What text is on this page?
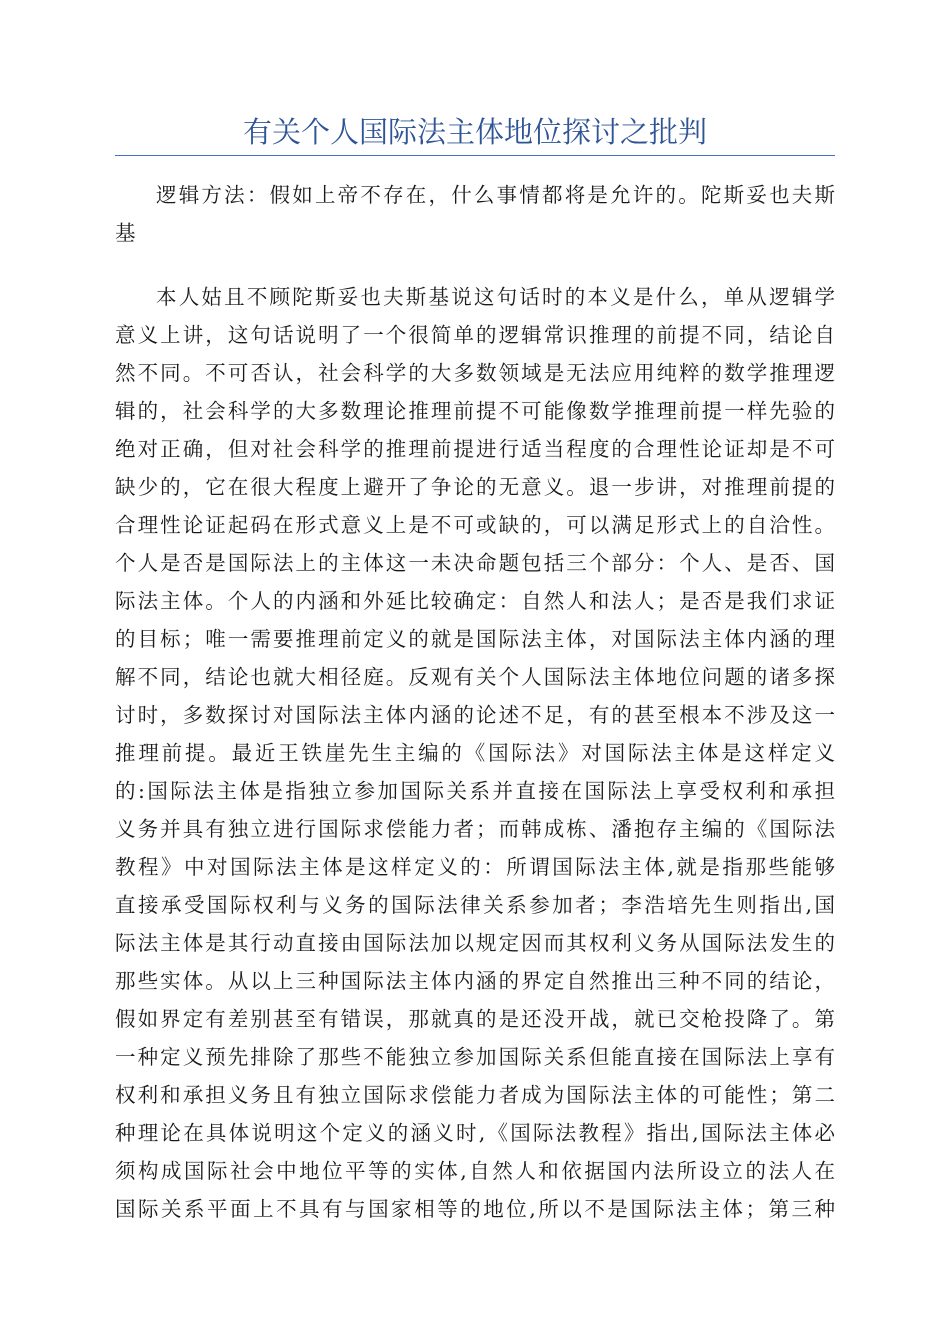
有关个人国际法主体地位探讨之批判
逻辑方法：假如上帝不存在，什么事情都将是允许的。陀斯妥也夫斯
基
本人姑且不顾陀斯妥也夫斯基说这句话时的本义是什么，单从逻辑学
意义上讲，这句话说明了一个很简单的逻辑常识推理的前提不同，结论自
然不同。不可否认，社会科学的大多数领域是无法应用纯粹的数学推理逻
辑的，社会科学的大多数理论推理前提不可能像数学推理前提一样先验的
绝对正确，但对社会科学的推理前提进行适当程度的合理性论证却是不可
缺少的，它在很大程度上避开了争论的无意义。退一步讲，对推理前提的
合理性论证起码在形式意义上是不可或缺的，可以满足形式上的自洽性。
个人是否是国际法上的主体这一未决命题包括三个部分：个人、是否、国
际法主体。个人的内涵和外延比较确定：自然人和法人；是否是我们求证
的目标；唯一需要推理前定义的就是国际法主体，对国际法主体内涵的理
解不同，结论也就大相径庭。反观有关个人国际法主体地位问题的诸多探
讨时，多数探讨对国际法主体内涵的论述不足，有的甚至根本不涉及这一
推理前提。最近王铁崖先生主编的《国际法》对国际法主体是这样定义
的:国际法主体是指独立参加国际关系并直接在国际法上享受权利和承担
义务并具有独立进行国际求偿能力者；而韩成栋、潘抱存主编的《国际法
教程》中对国际法主体是这样定义的：所谓国际法主体,就是指那些能够
直接承受国际权利与义务的国际法律关系参加者；李浩培先生则指出,国
际法主体是其行动直接由国际法加以规定因而其权利义务从国际法发生的
那些实体。从以上三种国际法主体内涵的界定自然推出三种不同的结论，
假如界定有差别甚至有错误，那就真的是还没开战，就已交枪投降了。第
一种定义预先排除了那些不能独立参加国际关系但能直接在国际法上享有
权利和承担义务且有独立国际求偿能力者成为国际法主体的可能性；第二
种理论在具体说明这个定义的涵义时,《国际法教程》指出,国际法主体必
须构成国际社会中地位平等的实体,自然人和依据国内法所设立的法人在
国际关系平面上不具有与国家相等的地位,所以不是国际法主体；第三种
